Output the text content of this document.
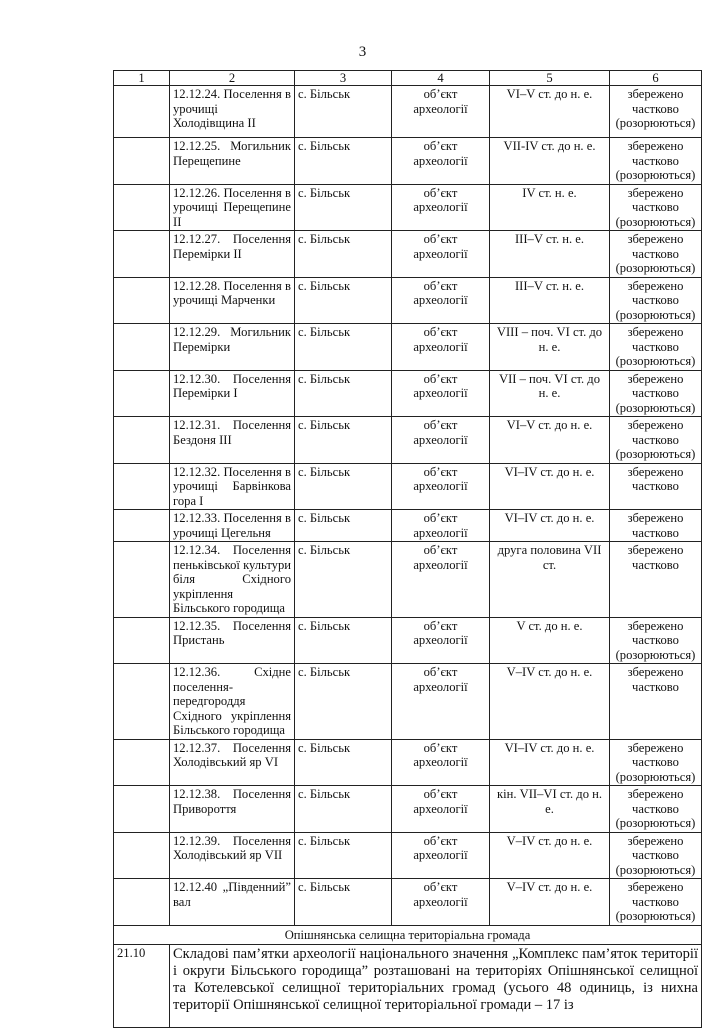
3
1	2	3	4	5	6
	12.12.24. Поселення в урочищі Холодівщина ІІ	с. Більськ	об’єкт археології	VI–V ст. до н. е.	збережено частково (розорюються)
	12.12.25. Могильник Перещепине	с. Більськ	об’єкт археології	VII-IV ст. до н. е.	збережено частково (розорюються)
	12.12.26. Поселення в урочищі Перещепине ІІ	с. Більськ	об’єкт археології	IV ст. н. е.	збережено частково (розорюються)
	12.12.27. Поселення Перемірки ІІ	с. Більськ	об’єкт археології	ІІІ–V ст. н. е.	збережено частково (розорюються)
	12.12.28. Поселення в урочищі Марченки	с. Більськ	об’єкт археології	ІІІ–V ст. н. е.	збережено частково (розорюються)
	12.12.29. Могильник Перемірки	с. Більськ	об’єкт археології	VIII – поч. VI ст. до н. е.	збережено частково (розорюються)
	12.12.30. Поселення Перемірки І	с. Більськ	об’єкт археології	VII – поч. VI ст. до н. е.	збережено частково (розорюються)
	12.12.31. Поселення Бездоня ІІІ	с. Більськ	об’єкт археології	VI–V ст. до н. е.	збережено частково (розорюються)
	12.12.32. Поселення в урочищі Барвінкова гора І	с. Більськ	об’єкт археології	VI–IV ст. до н. е.	збережено частково
	12.12.33. Поселення в урочищі Цегельня	с. Більськ	об’єкт археології	VI–IV ст. до н. е.	збережено частково
	12.12.34. Поселення пеньківської культури біля Східного укріплення Більського городища	с. Більськ	об’єкт археології	друга половина VII ст.	збережено частково
	12.12.35. Поселення Пристань	с. Більськ	об’єкт археології	V ст. до н. е.	збережено частково (розорюються)
	12.12.36. Східне поселення-передгороддя Східного укріплення Більського городища	с. Більськ	об’єкт археології	V–IV ст. до н. е.	збережено частково
	12.12.37. Поселення Холодівський яр VI	с. Більськ	об’єкт археології	VI–IV ст. до н. е.	збережено частково (розорюються)
	12.12.38. Поселення Привороття	с. Більськ	об’єкт археології	кін. VII–VI ст. до н. е.	збережено частково (розорюються)
	12.12.39. Поселення Холодівський яр VII	с. Більськ	об’єкт археології	V–IV ст. до н. е.	збережено частково (розорюються)
	12.12.40 „Південний” вал	с. Більськ	об’єкт археології	V–IV ст. до н. е.	збережено частково (розорюються)
Опішнянська селищна територіальна громада					
21.10	Складові пам’ятки археології національного значення „Комплекс пам’яток території і округи Більського городища” розташовані на територіях Опішнянської селищної та Котелевської селищної територіальних громад (усього 48 одиниць, із нихна території Опішнянської селищної територіальної громади – 17 із				
